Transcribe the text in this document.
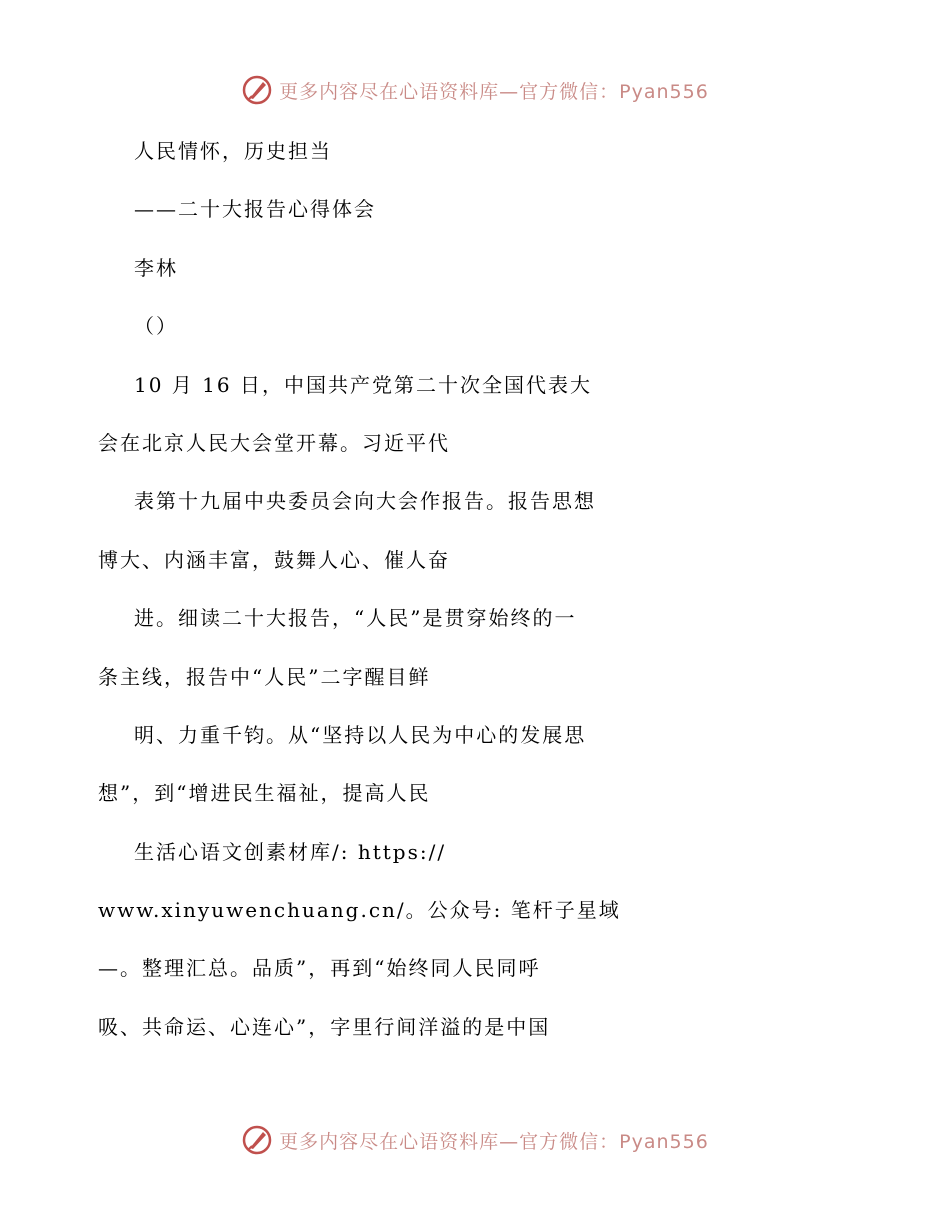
更多内容尽在心语资料库—官方微信：Pyan556
人民情怀，历史担当
——二十大报告心得体会
李林
（）
10 月 16 日，中国共产党第二十次全国代表大
会在北京人民大会堂开幕。习近平代
表第十九届中央委员会向大会作报告。报告思想
博大、内涵丰富，鼓舞人心、催人奋
进。细读二十大报告，“人民”是贯穿始终的一
条主线，报告中“人民”二字醒目鲜
明、力重千钧。从“坚持以人民为中心的发展思
想”，到“增进民生福祉，提高人民
生活心语文创素材库/: https://
www.xinyuwenchuang.cn/。公众号: 笔杆子星域
—。整理汇总。品质”，再到“始终同人民同呼
吸、共命运、心连心”，字里行间洋溢的是中国
更多内容尽在心语资料库—官方微信：Pyan556
